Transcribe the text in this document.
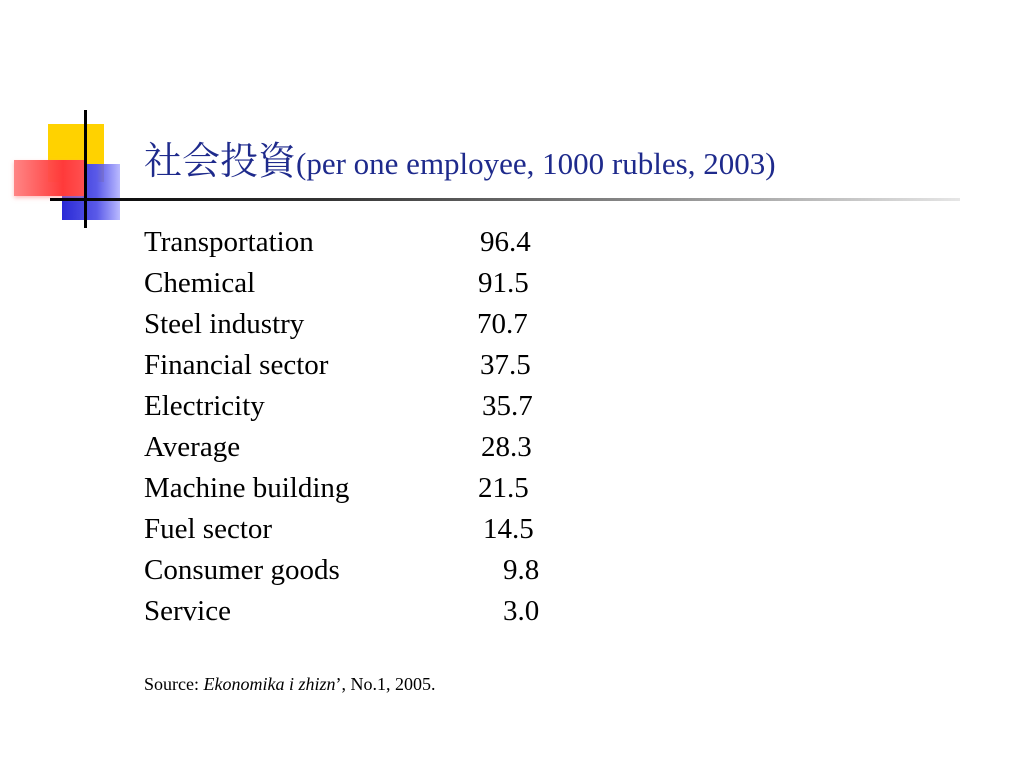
社会投資(per one employee, 1000 rubles, 2003)
Transportation	96.4
Chemical	91.5
Steel industry	70.7
Financial sector	37.5
Electricity	35.7
Average	28.3
Machine building	21.5
Fuel sector	14.5
Consumer goods	9.8
Service	3.0
Source: Ekonomika i zhizn’, No.1, 2005.
